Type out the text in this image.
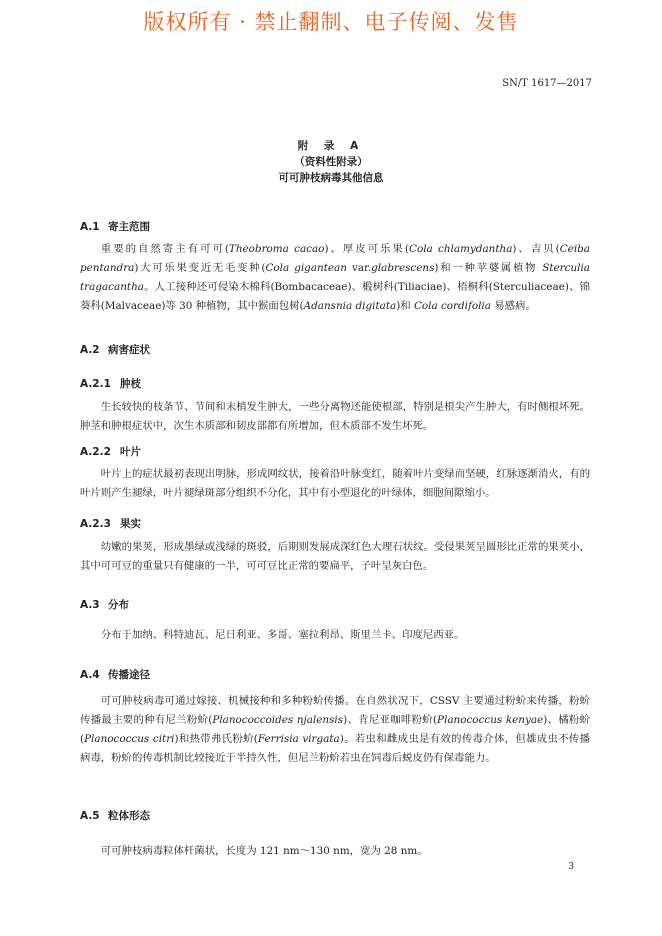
版权所有 · 禁止翻制、电子传阅、发售
SN/T 1617—2017
附 录 A
（资料性附录）
可可肿枝病毒其他信息
A.1 寄主范围
重要的自然寄主有可可(Theobroma cacao)、厚皮可乐果(Cola chlamydantha)、吉贝(Ceiba pentandra)大可乐果变近无毛变种(Cola gigantean var.glabrescens)和一种苹婆属植物 Sterculia tragacantha。人工接种还可侵染木棉科(Bombacaceae)、椴树科(Tiliaciae)、梧桐科(Sterculiaceae)、锦葵科(Malvaceae)等 30 种植物，其中猴面包树(Adansnia digitata)和 Cola cordifolia 易感病。
A.2 病害症状
A.2.1 肿枝
生长较快的枝条节、节间和末梢发生肿大，一些分离物还能使根部，特别是根尖产生肿大，有时侧根坏死。肿茎和肿根症状中，次生木质部和韧皮部都有所增加，但木质部不发生坏死。
A.2.2 叶片
叶片上的症状最初表现出明脉，形成网纹状，接着沿叶脉变红，随着叶片变绿而坚硬，红脉逐渐消火，有的叶片则产生褪绿，叶片褪绿斑部分组织不分化，其中有小型退化的叶绿体，细胞间隙缩小。
A.2.3 果实
幼嫩的果荚，形成墨绿或浅绿的斑驳，后期则发展成深红色大理石状纹。受侵果荚呈圆形比正常的果荚小，其中可可豆的重量只有健康的一半，可可豆比正常的要扁平，子叶呈灰白色。
A.3 分布
分布于加纳、科特迪瓦、尼日利亚、多哥、塞拉利昂、斯里兰卡、印度尼西亚。
A.4 传播途径
可可肿枝病毒可通过嫁接、机械接种和多种粉蚧传播。在自然状况下，CSSV 主要通过粉蚧来传播，粉蚧传播最主要的种有尼兰粉蚧(Planococcoides njalensis)、肯尼亚咖啡粉蚧(Planococcus kenyae)、橘粉蚧(Planococcus citri)和热带弗氏粉蚧(Ferrisia virgata)。若虫和雌成虫是有效的传毒介体，但雄成虫不传播病毒，粉蚧的传毒机制比较接近于半持久性，但尼兰粉蚧若虫在饲毒后蜕皮仍有保毒能力。
A.5 粒体形态
可可肿枝病毒粒体杆菌状，长度为 121 nm～130 nm，宽为 28 nm。
3
